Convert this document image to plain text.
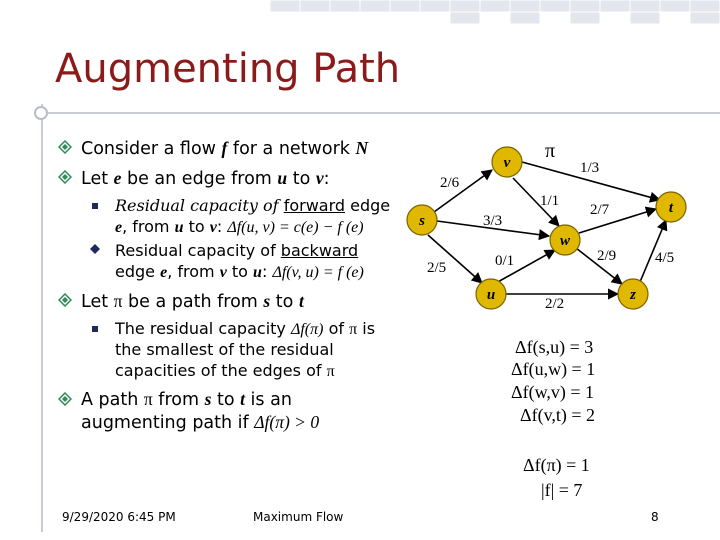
Augmenting Path
Consider a flow f for a network N
Let e be an edge from u to v:
Residual capacity of forward edge
e, from u to v: Δf(u, v) = c(e) − f (e)
Residual capacity of backward
edge e, from v to u: Δf(v, u) = f (e)
Let π be a path from s to t
The residual capacity Δf(π) of π is
the smallest of the residual
capacities of the edges of π
A path π from s to t is an
augmenting path if Δf(π) > 0
s
v
w
u	z
t
2/6
3/3
2/5
1/3
1/1
2/7
0/1
2/2
2/9	4/5
π
Δf(s,u) = 3
Δf(u,w) = 1
Δf(w,v) = 1
Δf(v,t) = 2
Δf(π) = 1
|f| = 7
9/29/2020 6:45 PM	Maximum Flow	8
